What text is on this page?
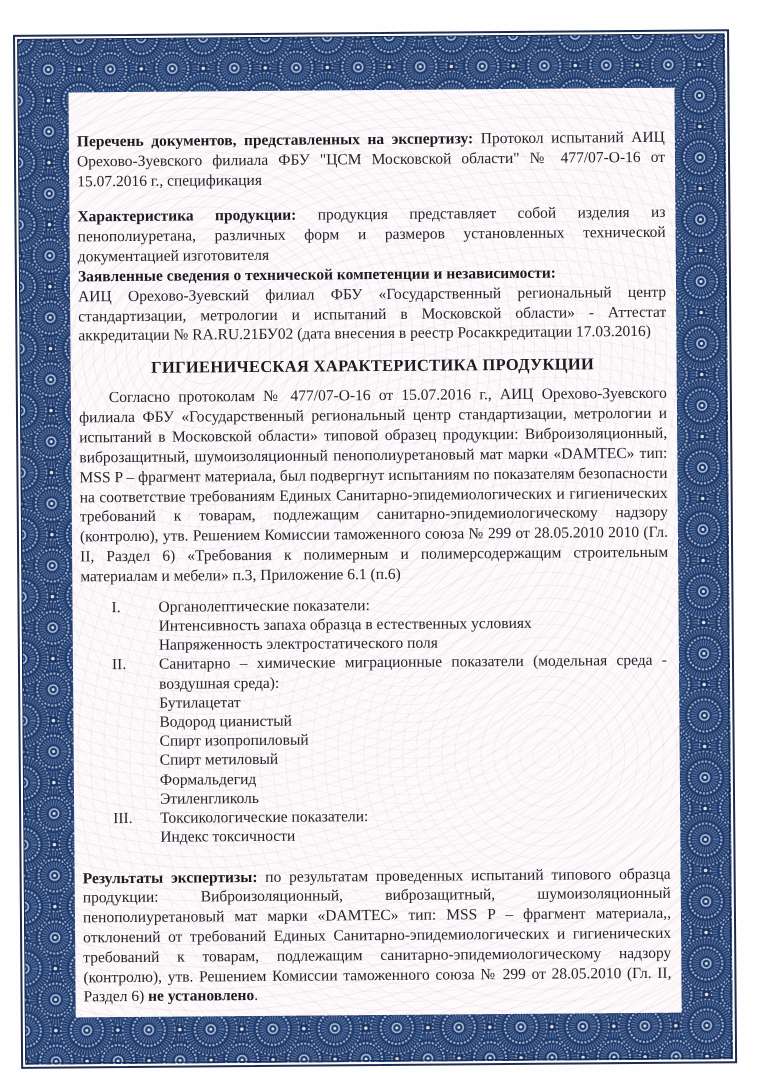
Перечень документов, представленных на экспертизу: Протокол испытаний АИЦ Орехово-Зуевского филиала ФБУ "ЦСМ Московской области" № 477/07-О-16 от 15.07.2016 г., спецификация

Характеристика продукции: продукция представляет собой изделия из пенополиуретана, различных форм и размеров установленных технической документацией изготовителя

Заявленные сведения о технической компетенции и независимости:

АИЦ Орехово-Зуевский филиал ФБУ «Государственный региональный центр стандартизации, метрологии и испытаний в Московской области» - Аттестат аккредитации № RA.RU.21БУ02 (дата внесения в реестр Росаккредитации 17.03.2016)

ГИГИЕНИЧЕСКАЯ ХАРАКТЕРИСТИКА ПРОДУКЦИИ

Согласно протоколам № 477/07-О-16 от 15.07.2016 г., АИЦ Орехово-Зуевского филиала ФБУ «Государственный региональный центр стандартизации, метрологии и испытаний в Московской области» типовой образец продукции: Виброизоляционный, виброзащитный, шумоизоляционный пенополиуретановый мат марки «DAMTEC» тип: MSS P – фрагмент материала, был подвергнут испытаниям по показателям безопасности на соответствие требованиям Единых Санитарно-эпидемиологических и гигиенических требований к товарам, подлежащим санитарно-эпидемиологическому надзору (контролю), утв. Решением Комиссии таможенного союза № 299 от 28.05.2010 2010 (Гл. II, Раздел 6) «Требования к полимерным и полимерсодержащим строительным материалам и мебели» п.3, Приложение 6.1 (п.6)

I.	Органолептические показатели:
Интенсивность запаха образца в естественных условиях
Напряженность электростатического поля
II.	Санитарно – химические миграционные показатели (модельная среда - воздушная среда):
Бутилацетат
Водород цианистый
Спирт изопропиловый
Спирт метиловый
Формальдегид
Этиленгликоль
III.	Токсикологические показатели:
Индекс токсичности

Результаты экспертизы: по результатам проведенных испытаний типового образца продукции: Виброизоляционный, виброзащитный, шумоизоляционный пенополиуретановый мат марки «DAMTEC» тип: MSS P – фрагмент материала,, отклонений от требований Единых Санитарно-эпидемиологических и гигиенических требований к товарам, подлежащим санитарно-эпидемиологическому надзору (контролю), утв. Решением Комиссии таможенного союза № 299 от 28.05.2010 (Гл. II, Раздел 6) не установлено.
